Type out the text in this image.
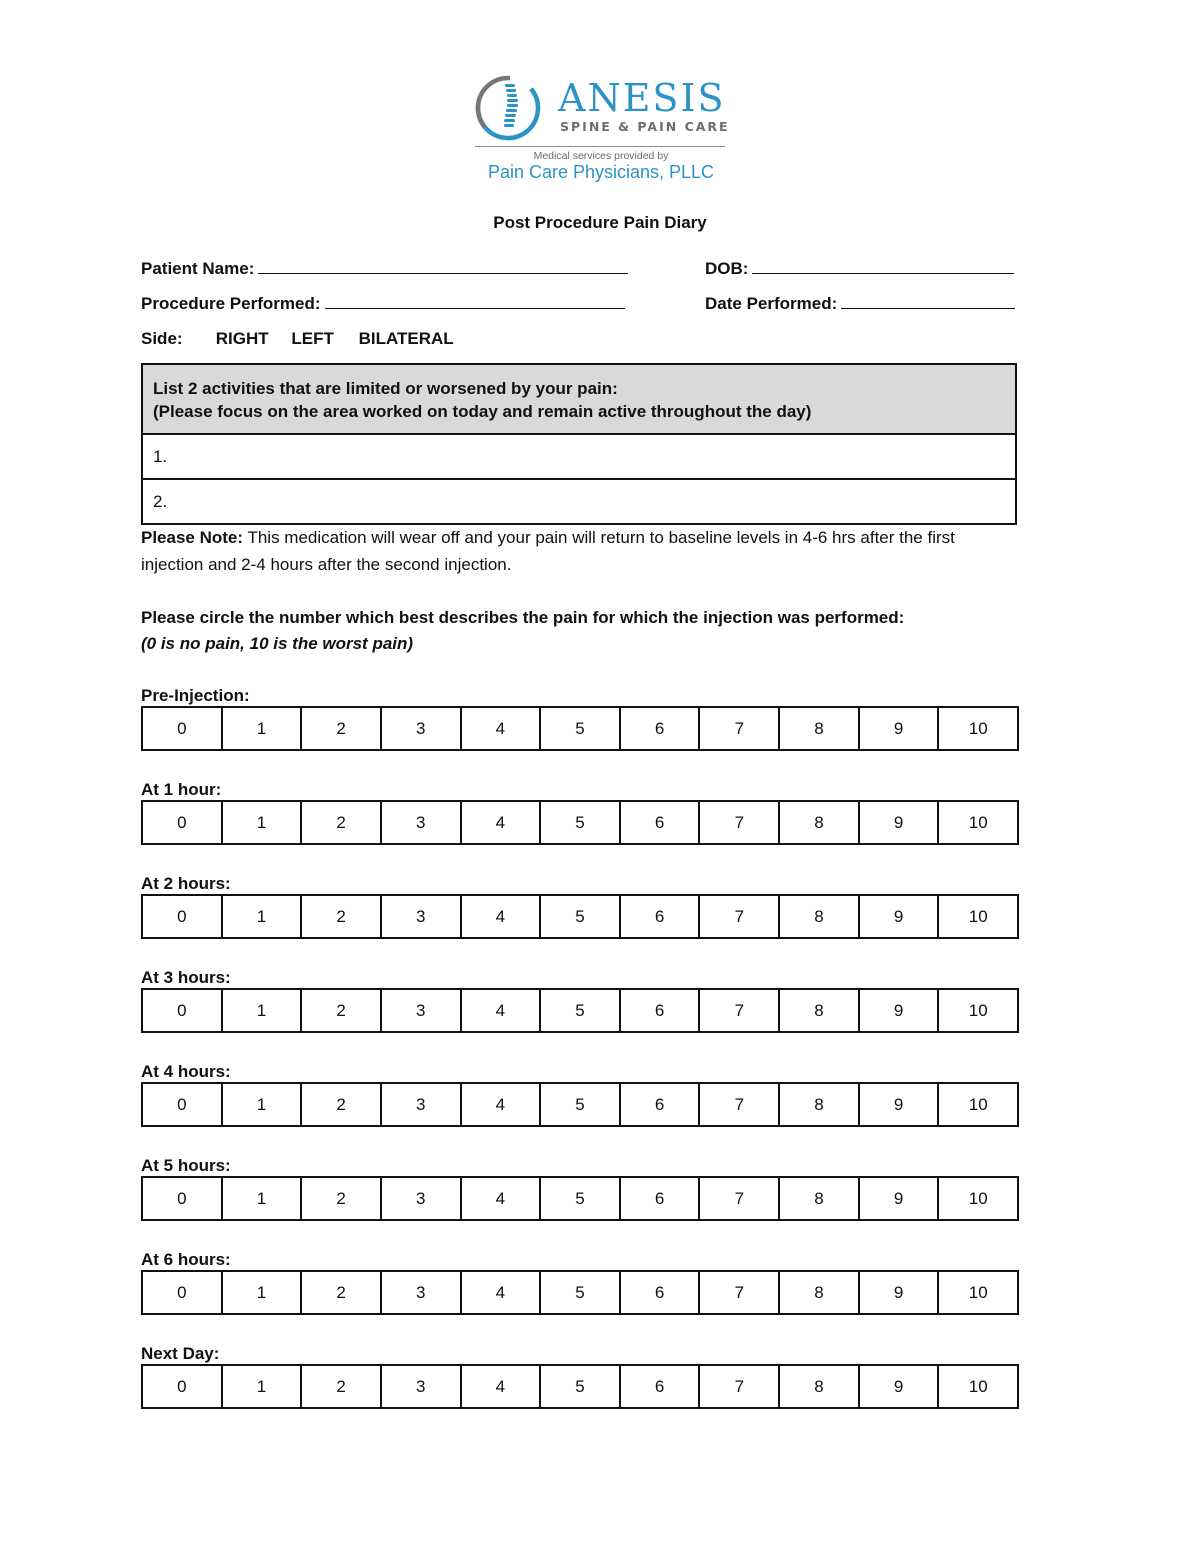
ANESIS
SPINE & PAIN CARE
Medical services provided by
Pain Care Physicians, PLLC
Post Procedure Pain Diary
Patient Name:	DOB:
Procedure Performed:	Date Performed:
Side: RIGHT LEFT BILATERAL
List 2 activities that are limited or worsened by your pain:
(Please focus on the area worked on today and remain active throughout the day)
1.
2.
Please Note: This medication will wear off and your pain will return to baseline levels in 4-6 hrs after the first injection and 2-4 hours after the second injection.
Please circle the number which best describes the pain for which the injection was performed:
(0 is no pain, 10 is the worst pain)
Pre-Injection:
0	1	2	3	4	5	6	7	8	9	10
At 1 hour:
0	1	2	3	4	5	6	7	8	9	10
At 2 hours:
0	1	2	3	4	5	6	7	8	9	10
At 3 hours:
0	1	2	3	4	5	6	7	8	9	10
At 4 hours:
0	1	2	3	4	5	6	7	8	9	10
At 5 hours:
0	1	2	3	4	5	6	7	8	9	10
At 6 hours:
0	1	2	3	4	5	6	7	8	9	10
Next Day:
0	1	2	3	4	5	6	7	8	9	10
